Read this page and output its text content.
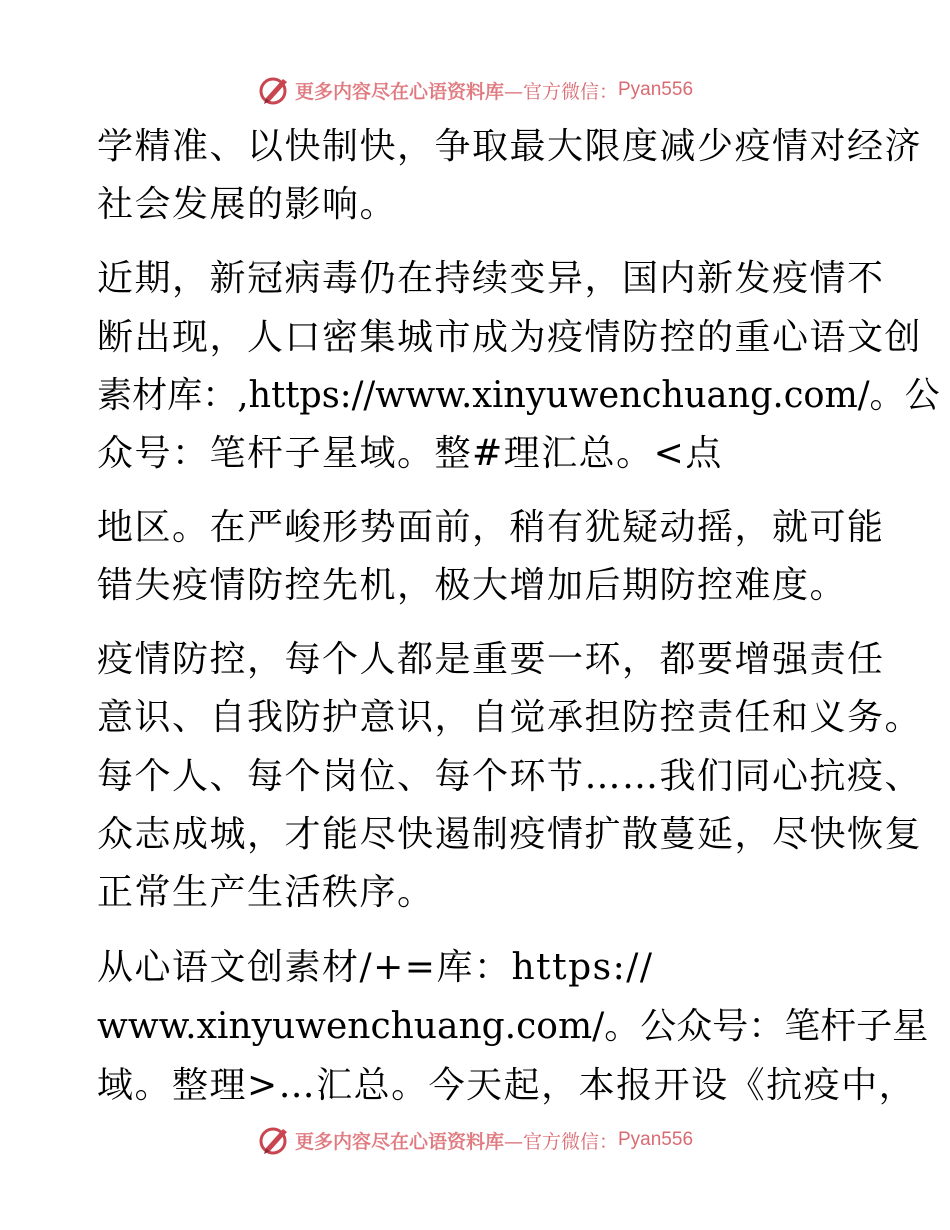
更多内容尽在心语资料库 —官方微信： Pyan556
学精准、以快制快，争取最大限度减少疫情对经济
社会发展的影响。
近期，新冠病毒仍在持续变异，国内新发疫情不
断出现，人口密集城市成为疫情防控的重心语文创
素材库：,https://www.xinyuwenchuang.com/。公
众号：笔杆子星域。整#理汇总。<点
地区。在严峻形势面前，稍有犹疑动摇，就可能
错失疫情防控先机，极大增加后期防控难度。
疫情防控，每个人都是重要一环，都要增强责任
意识、自我防护意识，自觉承担防控责任和义务。
每个人、每个岗位、每个环节……我们同心抗疫、
众志成城，才能尽快遏制疫情扩散蔓延，尽快恢复
正常生产生活秩序。
从心语文创素材/+=库：https://
www.xinyuwenchuang.com/。公众号：笔杆子星
域。整理>…汇总。今天起，本报开设《抗疫中，
更多内容尽在心语资料库 —官方微信： Pyan556
